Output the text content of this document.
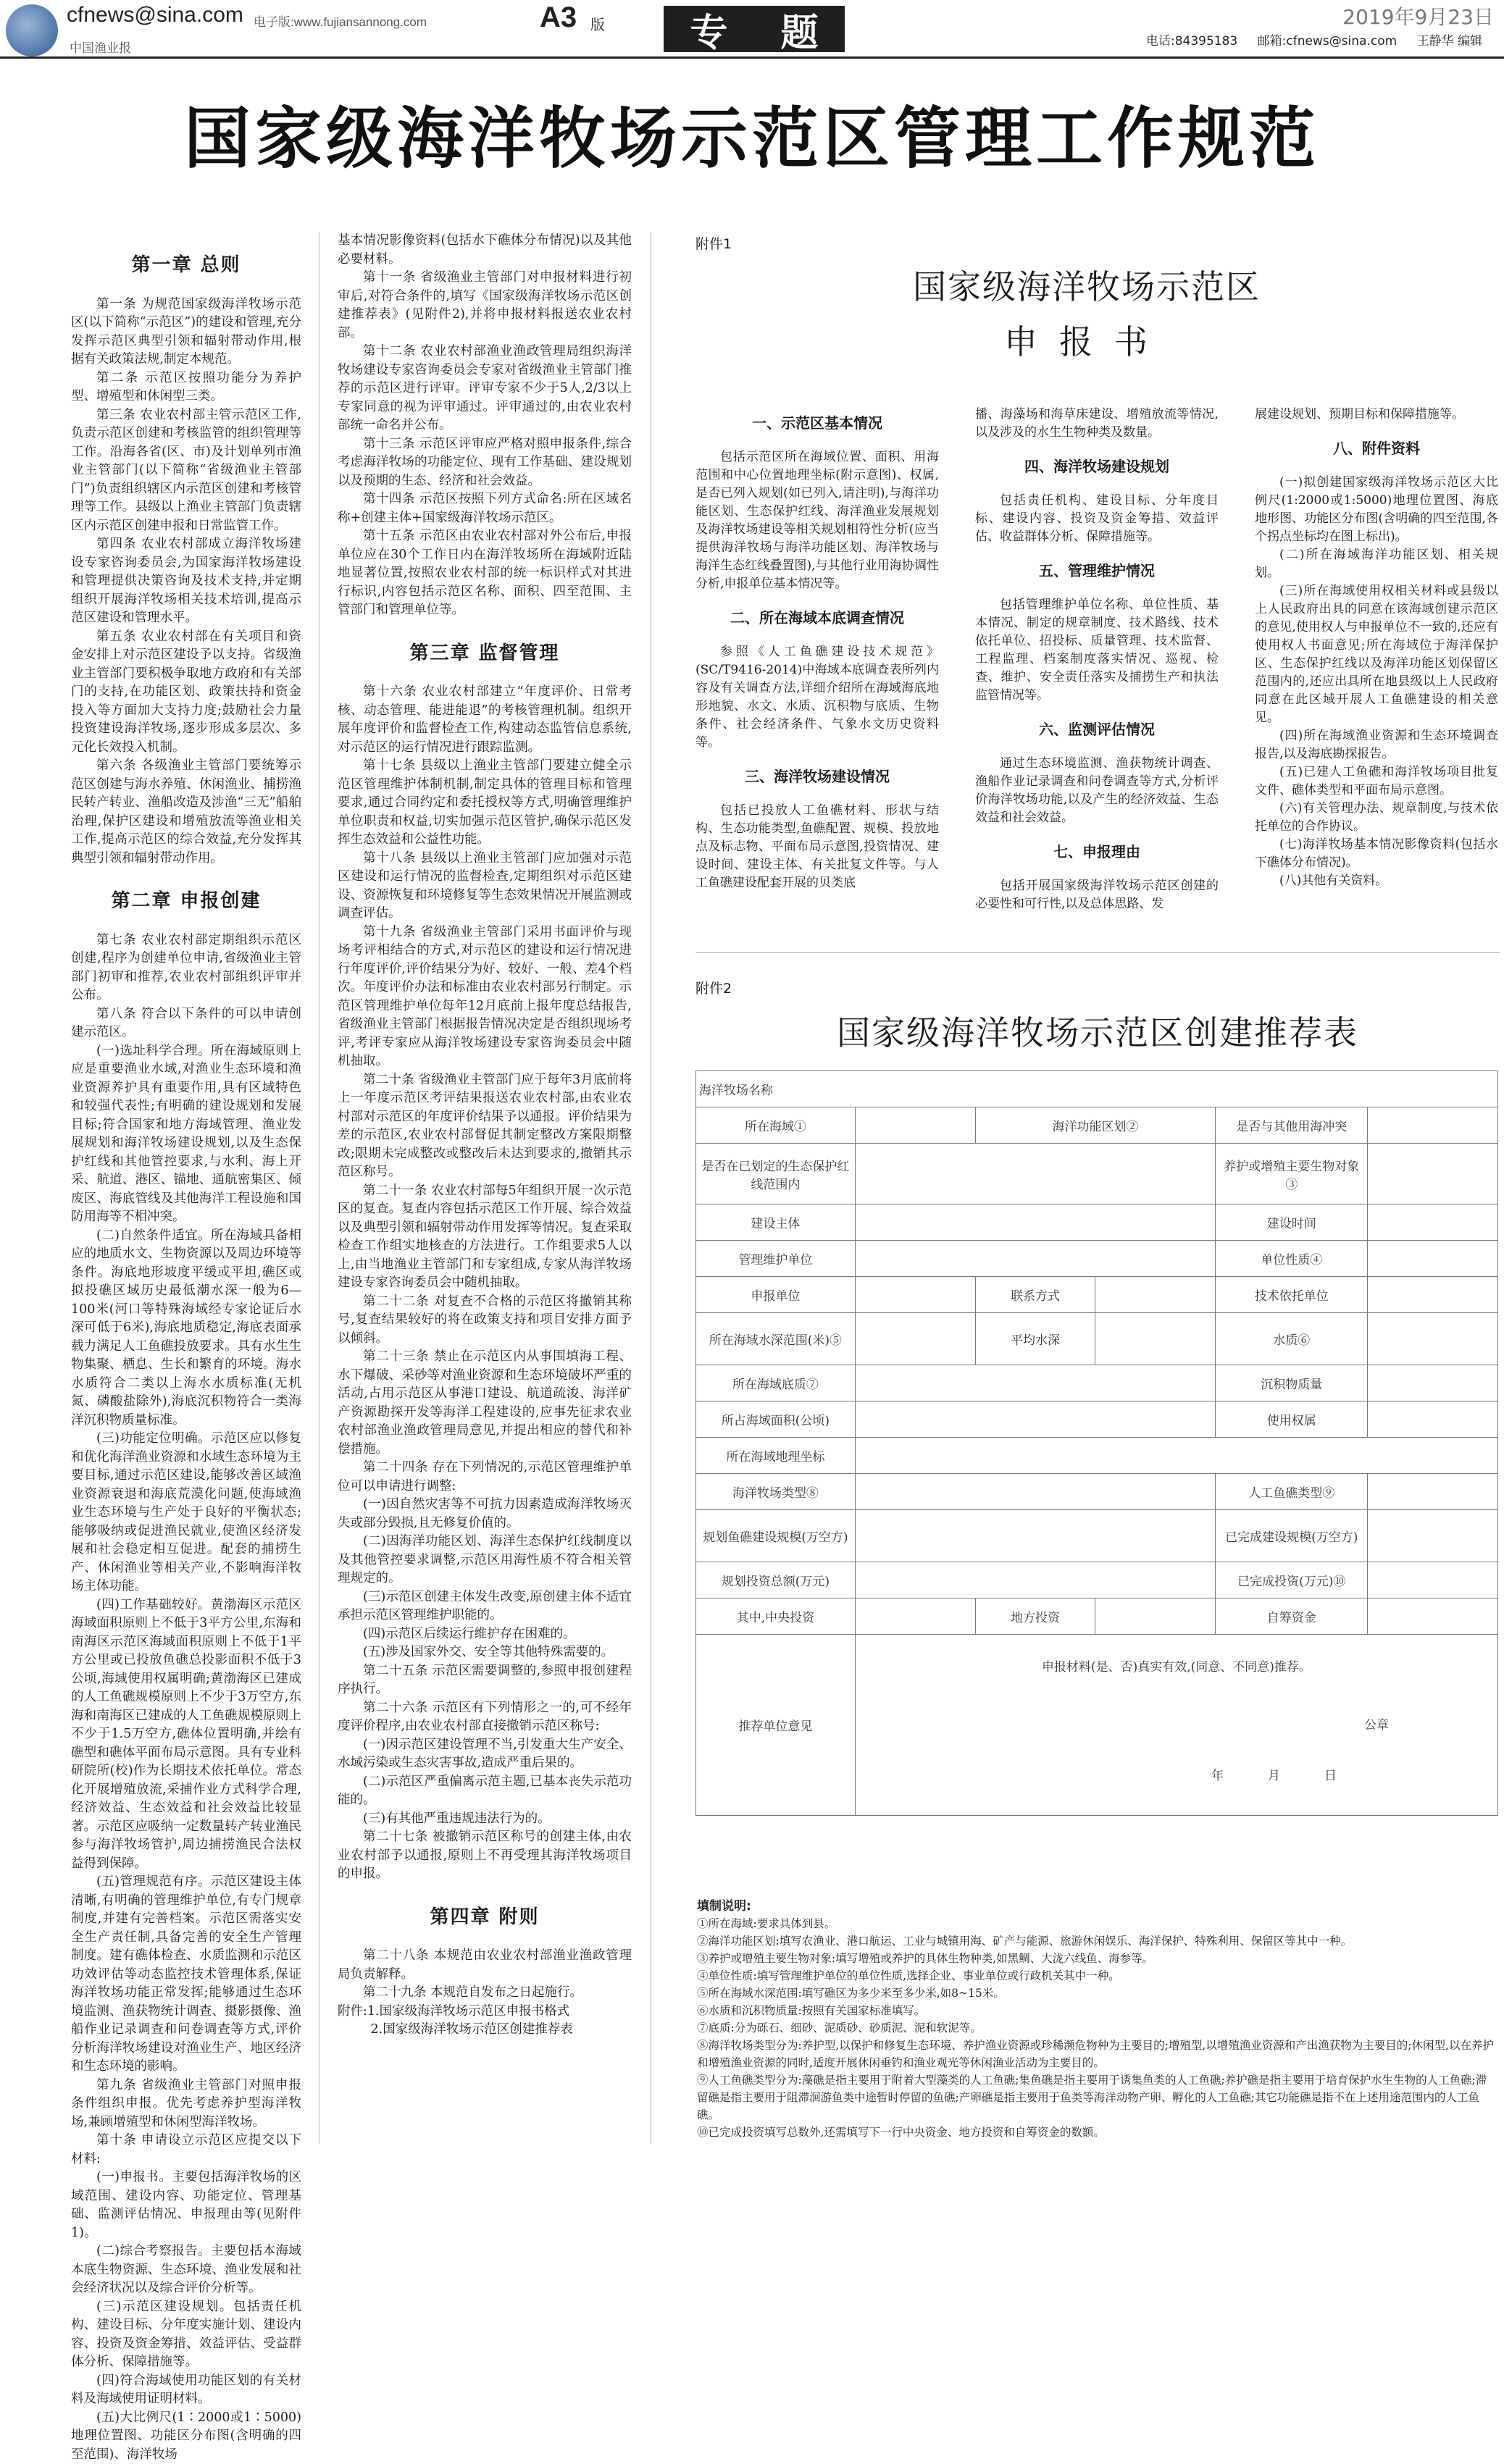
cfnews@sina.com 电子版:www.fujiansannong.com
中国渔业报
A3 版 专 题	2019年9月23日
电话:84395183 邮箱:cfnews@sina.com 王静华 编辑
国家级海洋牧场示范区管理工作规范
第一章 总则

第一条 为规范国家级海洋牧场示范区(以下简称“示范区”)的建设和管理,充分发挥示范区典型引领和辐射带动作用,根据有关政策法规,制定本规范。

第二条 示范区按照功能分为养护型、增殖型和休闲型三类。

第三条 农业农村部主管示范区工作,负责示范区创建和考核监管的组织管理等工作。沿海各省(区、市)及计划单列市渔业主管部门(以下简称“省级渔业主管部门”)负责组织辖区内示范区创建和考核管理等工作。县级以上渔业主管部门负责辖区内示范区创建申报和日常监管工作。

第四条 农业农村部成立海洋牧场建设专家咨询委员会,为国家海洋牧场建设和管理提供决策咨询及技术支持,并定期组织开展海洋牧场相关技术培训,提高示范区建设和管理水平。

第五条 农业农村部在有关项目和资金安排上对示范区建设予以支持。省级渔业主管部门要积极争取地方政府和有关部门的支持,在功能区划、政策扶持和资金投入等方面加大支持力度;鼓励社会力量投资建设海洋牧场,逐步形成多层次、多元化长效投入机制。

第六条 各级渔业主管部门要统筹示范区创建与海水养殖、休闲渔业、捕捞渔民转产转业、渔船改造及涉渔“三无”船舶治理,保护区建设和增殖放流等渔业相关工作,提高示范区的综合效益,充分发挥其典型引领和辐射带动作用。

第二章 申报创建

第七条 农业农村部定期组织示范区创建,程序为创建单位申请,省级渔业主管部门初审和推荐,农业农村部组织评审并公布。

第八条 符合以下条件的可以申请创建示范区。

(一)选址科学合理。所在海域原则上应是重要渔业水域,对渔业生态环境和渔业资源养护具有重要作用,具有区域特色和较强代表性;有明确的建设规划和发展目标;符合国家和地方海域管理、渔业发展规划和海洋牧场建设规划,以及生态保护红线和其他管控要求,与水利、海上开采、航道、港区、锚地、通航密集区、倾废区、海底管线及其他海洋工程设施和国防用海等不相冲突。

(二)自然条件适宜。所在海域具备相应的地质水文、生物资源以及周边环境等条件。海底地形坡度平缓或平坦,礁区或拟投礁区域历史最低潮水深一般为6—100米(河口等特殊海域经专家论证后水深可低于6米),海底地质稳定,海底表面承载力满足人工鱼礁投放要求。具有水生生物集聚、栖息、生长和繁育的环境。海水水质符合二类以上海水水质标准(无机氮、磷酸盐除外),海底沉积物符合一类海洋沉积物质量标准。

(三)功能定位明确。示范区应以修复和优化海洋渔业资源和水域生态环境为主要目标,通过示范区建设,能够改善区域渔业资源衰退和海底荒漠化问题,使海域渔业生态环境与生产处于良好的平衡状态;能够吸纳或促进渔民就业,使渔区经济发展和社会稳定相互促进。配套的捕捞生产、休闲渔业等相关产业,不影响海洋牧场主体功能。

(四)工作基础较好。黄渤海区示范区海域面积原则上不低于3平方公里,东海和南海区示范区海域面积原则上不低于1平方公里或已投放鱼礁总投影面积不低于3公顷,海域使用权属明确;黄渤海区已建成的人工鱼礁规模原则上不少于3万空方,东海和南海区已建成的人工鱼礁规模原则上不少于1.5万空方,礁体位置明确,并绘有礁型和礁体平面布局示意图。具有专业科研院所(校)作为长期技术依托单位。常态化开展增殖放流,采捕作业方式科学合理,经济效益、生态效益和社会效益比较显著。示范区应吸纳一定数量转产转业渔民参与海洋牧场管护,周边捕捞渔民合法权益得到保障。

(五)管理规范有序。示范区建设主体清晰,有明确的管理维护单位,有专门规章制度,并建有完善档案。示范区需落实安全生产责任制,具备完善的安全生产管理制度。建有礁体检查、水质监测和示范区功效评估等动态监控技术管理体系,保证海洋牧场功能正常发挥;能够通过生态环境监测、渔获物统计调查、摄影摄像、渔船作业记录调查和问卷调查等方式,评价分析海洋牧场建设对渔业生产、地区经济和生态环境的影响。

第九条 省级渔业主管部门对照申报条件组织申报。优先考虑养护型海洋牧场,兼顾增殖型和休闲型海洋牧场。

第十条 申请设立示范区应提交以下材料:

(一)申报书。主要包括海洋牧场的区域范围、建设内容、功能定位、管理基础、监测评估情况、申报理由等(见附件1)。

(二)综合考察报告。主要包括本海域本底生物资源、生态环境、渔业发展和社会经济状况以及综合评价分析等。

(三)示范区建设规划。包括责任机构、建设目标、分年度实施计划、建设内容、投资及资金筹措、效益评估、受益群体分析、保障措施等。

(四)符合海域使用功能区划的有关材料及海域使用证明材料。

(五)大比例尺(1∶2000或1∶5000)地理位置图、功能区分布图(含明确的四至范围)、海洋牧场

基本情况影像资料(包括水下礁体分布情况)以及其他必要材料。

第十一条 省级渔业主管部门对申报材料进行初审后,对符合条件的,填写《国家级海洋牧场示范区创建推荐表》(见附件2),并将申报材料报送农业农村部。

第十二条 农业农村部渔业渔政管理局组织海洋牧场建设专家咨询委员会专家对省级渔业主管部门推荐的示范区进行评审。评审专家不少于5人,2/3以上专家同意的视为评审通过。评审通过的,由农业农村部统一命名并公布。

第十三条 示范区评审应严格对照申报条件,综合考虑海洋牧场的功能定位、现有工作基础、建设规划以及预期的生态、经济和社会效益。

第十四条 示范区按照下列方式命名:所在区域名称+创建主体+国家级海洋牧场示范区。

第十五条 示范区由农业农村部对外公布后,申报单位应在30个工作日内在海洋牧场所在海域附近陆地显著位置,按照农业农村部的统一标识样式对其进行标识,内容包括示范区名称、面积、四至范围、主管部门和管理单位等。

第三章 监督管理

第十六条 农业农村部建立“年度评价、日常考核、动态管理、能进能退”的考核管理机制。组织开展年度评价和监督检查工作,构建动态监管信息系统,对示范区的运行情况进行跟踪监测。

第十七条 县级以上渔业主管部门要建立健全示范区管理维护体制机制,制定具体的管理目标和管理要求,通过合同约定和委托授权等方式,明确管理维护单位职责和权益,切实加强示范区管护,确保示范区发挥生态效益和公益性功能。

第十八条 县级以上渔业主管部门应加强对示范区建设和运行情况的监督检查,定期组织对示范区建设、资源恢复和环境修复等生态效果情况开展监测或调查评估。

第十九条 省级渔业主管部门采用书面评价与现场考评相结合的方式,对示范区的建设和运行情况进行年度评价,评价结果分为好、较好、一般、差4个档次。年度评价办法和标准由农业农村部另行制定。示范区管理维护单位每年12月底前上报年度总结报告,省级渔业主管部门根据报告情况决定是否组织现场考评,考评专家应从海洋牧场建设专家咨询委员会中随机抽取。

第二十条 省级渔业主管部门应于每年3月底前将上一年度示范区考评结果报送农业农村部,由农业农村部对示范区的年度评价结果予以通报。评价结果为差的示范区,农业农村部督促其制定整改方案限期整改;限期未完成整改或整改后未达到要求的,撤销其示范区称号。

第二十一条 农业农村部每5年组织开展一次示范区的复查。复查内容包括示范区工作开展、综合效益以及典型引领和辐射带动作用发挥等情况。复查采取检查工作组实地核查的方法进行。工作组要求5人以上,由当地渔业主管部门和专家组成,专家从海洋牧场建设专家咨询委员会中随机抽取。

第二十二条 对复查不合格的示范区将撤销其称号,复查结果较好的将在政策支持和项目安排方面予以倾斜。

第二十三条 禁止在示范区内从事围填海工程、水下爆破、采砂等对渔业资源和生态环境破坏严重的活动,占用示范区从事港口建设、航道疏浚、海洋矿产资源勘探开发等海洋工程建设的,应事先征求农业农村部渔业渔政管理局意见,并提出相应的替代和补偿措施。

第二十四条 存在下列情况的,示范区管理维护单位可以申请进行调整:

(一)因自然灾害等不可抗力因素造成海洋牧场灭失或部分毁损,且无修复价值的。

(二)因海洋功能区划、海洋生态保护红线制度以及其他管控要求调整,示范区用海性质不符合相关管理规定的。

(三)示范区创建主体发生改变,原创建主体不适宜承担示范区管理维护职能的。

(四)示范区后续运行维护存在困难的。

(五)涉及国家外交、安全等其他特殊需要的。

第二十五条 示范区需要调整的,参照申报创建程序执行。

第二十六条 示范区有下列情形之一的,可不经年度评价程序,由农业农村部直接撤销示范区称号:

(一)因示范区建设管理不当,引发重大生产安全、水域污染或生态灾害事故,造成严重后果的。

(二)示范区严重偏离示范主题,已基本丧失示范功能的。

(三)有其他严重违规违法行为的。

第二十七条 被撤销示范区称号的创建主体,由农业农村部予以通报,原则上不再受理其海洋牧场项目的申报。

第四章 附则

第二十八条 本规范由农业农村部渔业渔政管理局负责解释。

第二十九条 本规范自发布之日起施行。

附件:1.国家级海洋牧场示范区申报书格式

2.国家级海洋牧场示范区创建推荐表

附件1
国家级海洋牧场示范区
申报书
一、示范区基本情况

包括示范区所在海域位置、面积、用海范围和中心位置地理坐标(附示意图)、权属,是否已列入规划(如已列入,请注明),与海洋功能区划、生态保护红线、海洋渔业发展规划及海洋牧场建设等相关规划相符性分析(应当提供海洋牧场与海洋功能区划、海洋牧场与海洋生态红线叠置图),与其他行业用海协调性分析,申报单位基本情况等。

二、所在海域本底调查情况

参照《人工鱼礁建设技术规范》(SC/T9416-2014)中海域本底调查表所列内容及有关调查方法,详细介绍所在海域海底地形地貌、水文、水质、沉积物与底质、生物条件、社会经济条件、气象水文历史资料等。

三、海洋牧场建设情况

包括已投放人工鱼礁材料、形状与结构、生态功能类型,鱼礁配置、规模、投放地点及标志物、平面布局示意图,投资情况、建设时间、建设主体、有关批复文件等。与人工鱼礁建设配套开展的贝类底

播、海藻场和海草床建设、增殖放流等情况,以及涉及的水生生物种类及数量。

四、海洋牧场建设规划

包括责任机构、建设目标、分年度目标、建设内容、投资及资金筹措、效益评估、收益群体分析、保障措施等。

五、管理维护情况

包括管理维护单位名称、单位性质、基本情况、制定的规章制度、技术路线、技术依托单位、招投标、质量管理、技术监督、工程监理、档案制度落实情况、巡视、检查、维护、安全责任落实及捕捞生产和执法监管情况等。

六、监测评估情况

通过生态环境监测、渔获物统计调查、渔船作业记录调查和问卷调查等方式,分析评价海洋牧场功能,以及产生的经济效益、生态效益和社会效益。

七、申报理由

包括开展国家级海洋牧场示范区创建的必要性和可行性,以及总体思路、发

展建设规划、预期目标和保障措施等。

八、附件资料

(一)拟创建国家级海洋牧场示范区大比例尺(1:2000或1:5000)地理位置图、海底地形图、功能区分布图(含明确的四至范围,各个拐点坐标均在图上标出)。

(二)所在海域海洋功能区划、相关规划。

(三)所在海域使用权相关材料或县级以上人民政府出具的同意在该海域创建示范区的意见,使用权人与申报单位不一致的,还应有使用权人书面意见;所在海域位于海洋保护区、生态保护红线以及海洋功能区划保留区范围内的,还应出具所在地县级以上人民政府同意在此区域开展人工鱼礁建设的相关意见。

(四)所在海域渔业资源和生态环境调查报告,以及海底勘探报告。

(五)已建人工鱼礁和海洋牧场项目批复文件、礁体类型和平面布局示意图。

(六)有关管理办法、规章制度,与技术依托单位的合作协议。

(七)海洋牧场基本情况影像资料(包括水下礁体分布情况)。

(八)其他有关资料。

附件2
国家级海洋牧场示范区创建推荐表
海洋牧场名称					
所在海域①		海洋功能区划②		是否与其他用海冲突	
是否在已划定的生态保护红线范围内				养护或增殖主要生物对象③	
建设主体				建设时间	
管理维护单位				单位性质④	
申报单位		联系方式		技术依托单位	
所在海域水深范围(米)⑤		平均水深		水质⑥	
所在海域底质⑦				沉积物质量	
所占海域面积(公顷)				使用权属	
所在海域地理坐标					
海洋牧场类型⑧				人工鱼礁类型⑨	
规划鱼礁建设规模(万空方)				已完成建设规模(万空方)	
规划投资总额(万元)				已完成投资(万元)⑩	
其中,中央投资		地方投资		自筹资金	
推荐单位意见	申报材料(是、否)真实有效,(同意、不同意)推荐。
公章
年　月　日				
填制说明:
①所在海域:要求具体到县。
②海洋功能区划:填写农渔业、港口航运、工业与城镇用海、矿产与能源、旅游休闲娱乐、海洋保护、特殊利用、保留区等其中一种。
③养护或增殖主要生物对象:填写增殖或养护的具体生物种类,如黑鲷、大泷六线鱼、海参等。
④单位性质:填写管理维护单位的单位性质,选择企业、事业单位或行政机关其中一种。
⑤所在海域水深范围:填写礁区为多少米至多少米,如8~15米。
⑥水质和沉积物质量:按照有关国家标准填写。
⑦底质:分为砾石、细砂、泥质砂、砂质泥、泥和软泥等。
⑧海洋牧场类型分为:养护型,以保护和修复生态环境、养护渔业资源或珍稀濒危物种为主要目的;增殖型,以增殖渔业资源和产出渔获物为主要目的;休闲型,以在养护和增殖渔业资源的同时,适度开展休闲垂钓和渔业观光等休闲渔业活动为主要目的。
⑨人工鱼礁类型分为:藻礁是指主要用于附着大型藻类的人工鱼礁;集鱼礁是指主要用于诱集鱼类的人工鱼礁;养护礁是指主要用于培育保护水生生物的人工鱼礁;滞留礁是指主要用于阻滞洄游鱼类中途暂时停留的鱼礁;产卵礁是指主要用于鱼类等海洋动物产卵、孵化的人工鱼礁;其它功能礁是指不在上述用途范围内的人工鱼礁。
⑩已完成投资填写总数外,还需填写下一行中央资金、地方投资和自筹资金的数额。
